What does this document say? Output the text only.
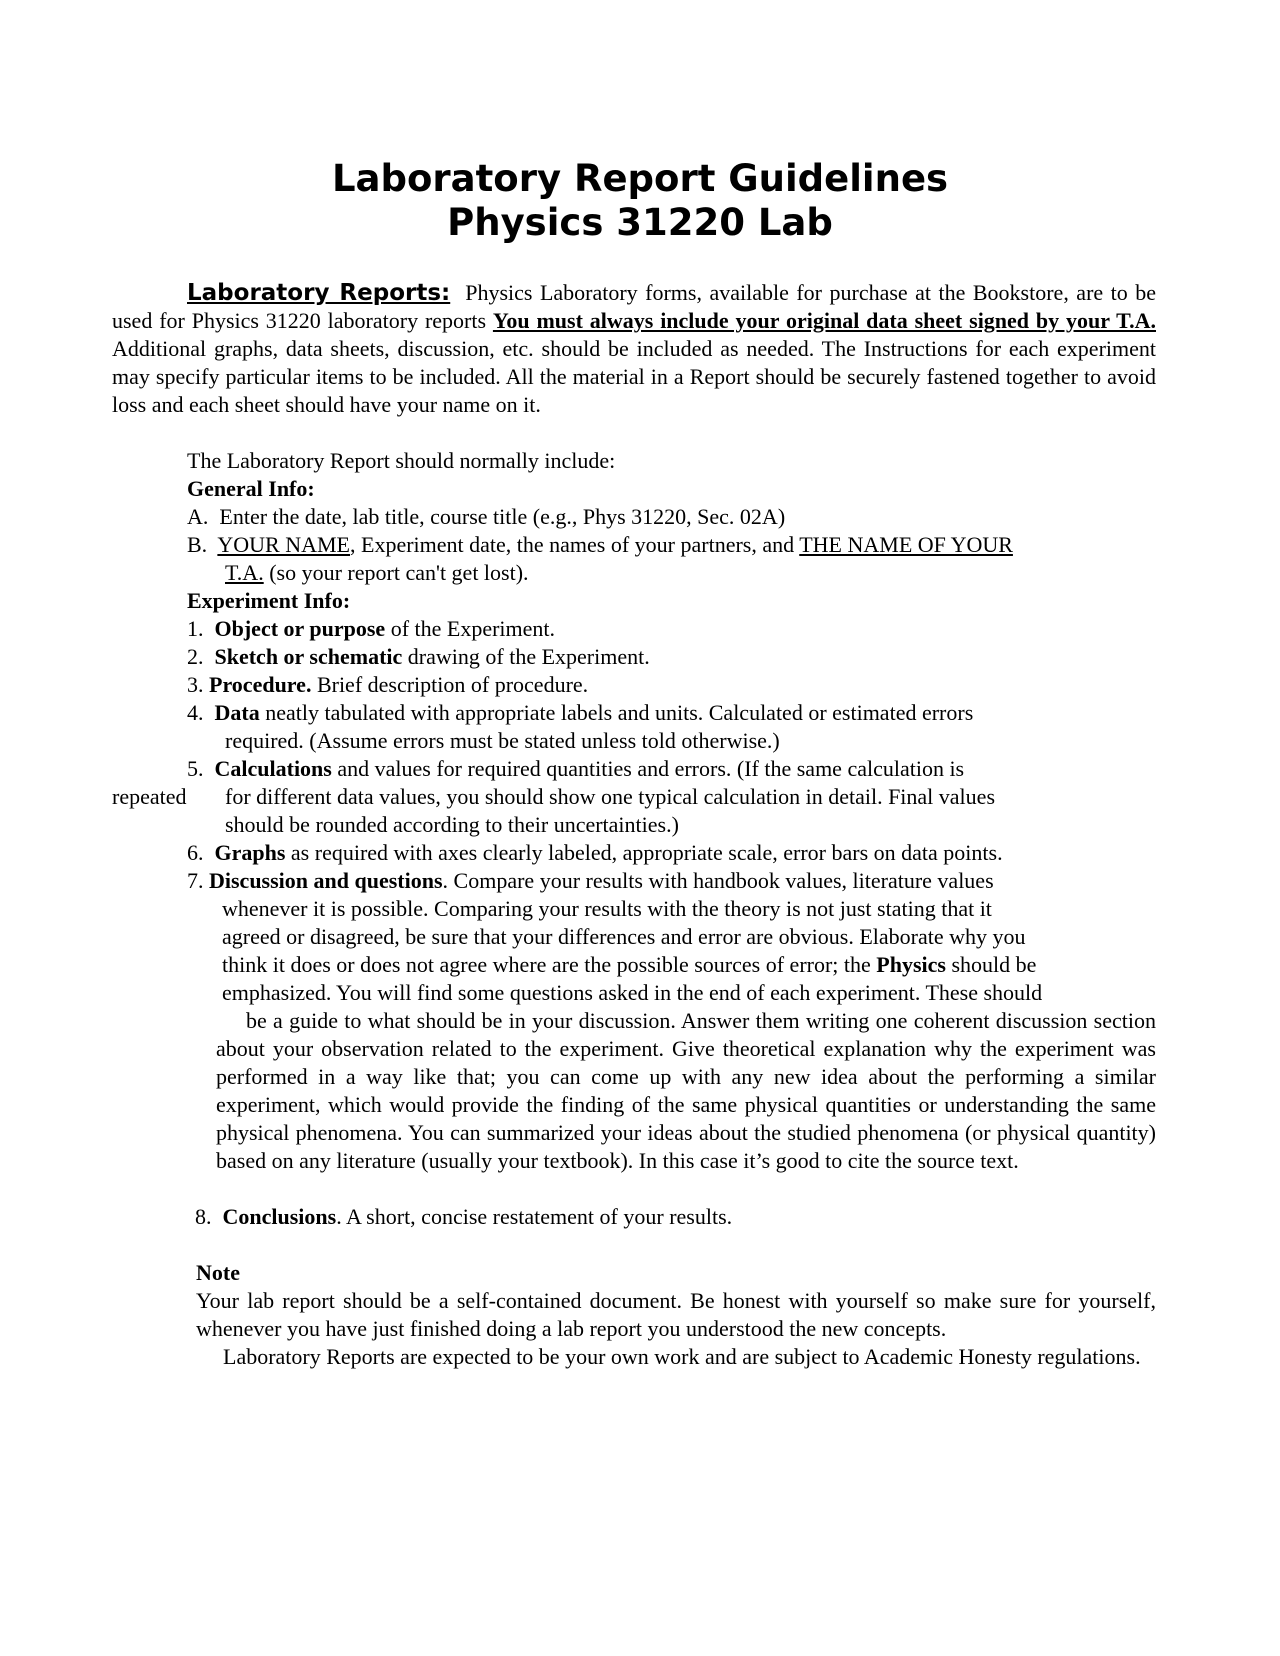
Laboratory Report Guidelines
Physics 31220 Lab
Laboratory Reports: Physics Laboratory forms, available for purchase at the Bookstore, are to be used for Physics 31220 laboratory reports You must always include your original data sheet signed by your T.A. Additional graphs, data sheets, discussion, etc. should be included as needed. The Instructions for each experiment may specify particular items to be included. All the material in a Report should be securely fastened together to avoid loss and each sheet should have your name on it.
The Laboratory Report should normally include:
General Info:
A. Enter the date, lab title, course title (e.g., Phys 31220, Sec. 02A)
B. YOUR NAME, Experiment date, the names of your partners, and THE NAME OF YOUR
T.A. (so your report can't get lost).
Experiment Info:
1. Object or purpose of the Experiment.
2. Sketch or schematic drawing of the Experiment.
3. Procedure. Brief description of procedure.
4. Data neatly tabulated with appropriate labels and units. Calculated or estimated errors
required. (Assume errors must be stated unless told otherwise.)
5. Calculations and values for required quantities and errors. (If the same calculation is
repeated for different data values, you should show one typical calculation in detail. Final values
should be rounded according to their uncertainties.)
6. Graphs as required with axes clearly labeled, appropriate scale, error bars on data points.
7. Discussion and questions. Compare your results with handbook values, literature values
whenever it is possible. Comparing your results with the theory is not just stating that it
agreed or disagreed, be sure that your differences and error are obvious. Elaborate why you
think it does or does not agree where are the possible sources of error; the Physics should be
emphasized. You will find some questions asked in the end of each experiment. These should
be a guide to what should be in your discussion. Answer them writing one coherent discussion section about your observation related to the experiment. Give theoretical explanation why the experiment was performed in a way like that; you can come up with any new idea about the performing a similar experiment, which would provide the finding of the same physical quantities or understanding the same physical phenomena. You can summarized your ideas about the studied phenomena (or physical quantity) based on any literature (usually your textbook). In this case it’s good to cite the source text.
8. Conclusions. A short, concise restatement of your results.
Note
Your lab report should be a self-contained document. Be honest with yourself so make sure for yourself, whenever you have just finished doing a lab report you understood the new concepts.
Laboratory Reports are expected to be your own work and are subject to Academic Honesty regulations.
